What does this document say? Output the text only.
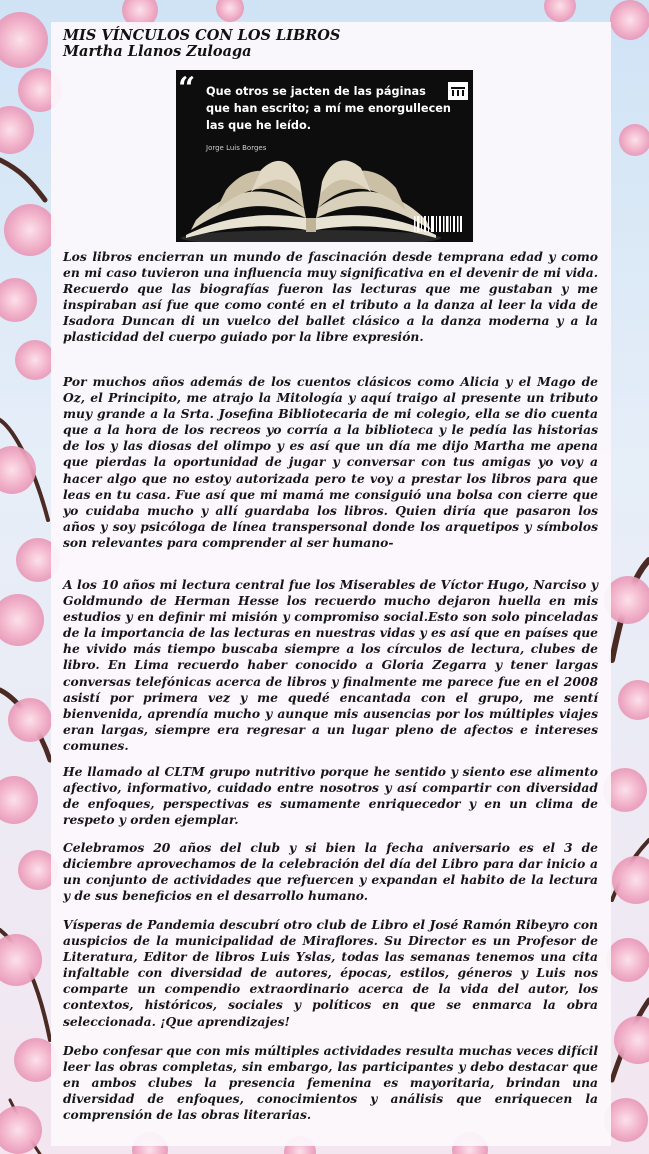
MIS VÍNCULOS CON LOS LIBROS
Martha Llanos Zuloaga
“ Que otros se jacten de las páginas
que han escrito; a mí me enorgullecen
las que he leído.
Jorge Luis Borges

Los libros encierran un mundo de fascinación desde temprana edad y como en mi caso tuvieron una influencia muy significativa en el devenir de mi vida. Recuerdo que las biografías fueron las lecturas que me gustaban y me inspiraban así fue que como conté en el tributo a la danza al leer la vida de Isadora Duncan di un vuelco del ballet clásico a la danza moderna y a la plasticidad del cuerpo guiado por la libre expresión.

Por muchos años además de los cuentos clásicos como Alicia y el Mago de Oz, el Principito, me atrajo la Mitología y aquí traigo al presente un tributo muy grande a la Srta. Josefina Bibliotecaria de mi colegio, ella se dio cuenta que a la hora de los recreos yo corría a la biblioteca y le pedía las historias de los y las diosas del olimpo y es así que un día me dijo Martha me apena que pierdas la oportunidad de jugar y conversar con tus amigas yo voy a hacer algo que no estoy autorizada pero te voy a prestar los libros para que leas en tu casa. Fue así que mi mamá me consiguió una bolsa con cierre que yo cuidaba mucho y allí guardaba los libros. Quien diría que pasaron los años y soy psicóloga de línea transpersonal donde los arquetipos y símbolos son relevantes para comprender al ser humano-

A los 10 años mi lectura central fue los Miserables de Víctor Hugo, Narciso y Goldmundo de Herman Hesse los recuerdo mucho dejaron huella en mis estudios y en definir mi misión y compromiso social.Esto son solo pinceladas de la importancia de las lecturas en nuestras vidas y es así que en países que he vivido más tiempo buscaba siempre a los círculos de lectura, clubes de libro. En Lima recuerdo haber conocido a Gloria Zegarra y tener largas conversas telefónicas acerca de libros y finalmente me parece fue en el 2008 asistí por primera vez y me quedé encantada con el grupo, me sentí bienvenida, aprendía mucho y aunque mis ausencias por los múltiples viajes eran largas, siempre era regresar a un lugar pleno de afectos e intereses comunes.

He llamado al CLTM grupo nutritivo porque he sentido y siento ese alimento afectivo, informativo, cuidado entre nosotros y así compartir con diversidad de enfoques, perspectivas es sumamente enriquecedor y en un clima de respeto y orden ejemplar.

Celebramos 20 años del club y si bien la fecha aniversario es el 3 de diciembre aprovechamos de la celebración del día del Libro para dar inicio a un conjunto de actividades que refuercen y expandan el habito de la lectura y de sus beneficios en el desarrollo humano.

Vísperas de Pandemia descubrí otro club de Libro el José Ramón Ribeyro con auspicios de la municipalidad de Miraflores. Su Director es un Profesor de Literatura, Editor de libros Luis Yslas, todas las semanas tenemos una cita infaltable con diversidad de autores, épocas, estilos, géneros y Luis nos comparte un compendio extraordinario acerca de la vida del autor, los contextos, históricos, sociales y políticos en que se enmarca la obra seleccionada. ¡Que aprendizajes!

Debo confesar que con mis múltiples actividades resulta muchas veces difícil leer las obras completas, sin embargo, las participantes y debo destacar que en ambos clubes la presencia femenina es mayoritaria, brindan una diversidad de enfoques, conocimientos y análisis que enriquecen la comprensión de las obras literarias.
